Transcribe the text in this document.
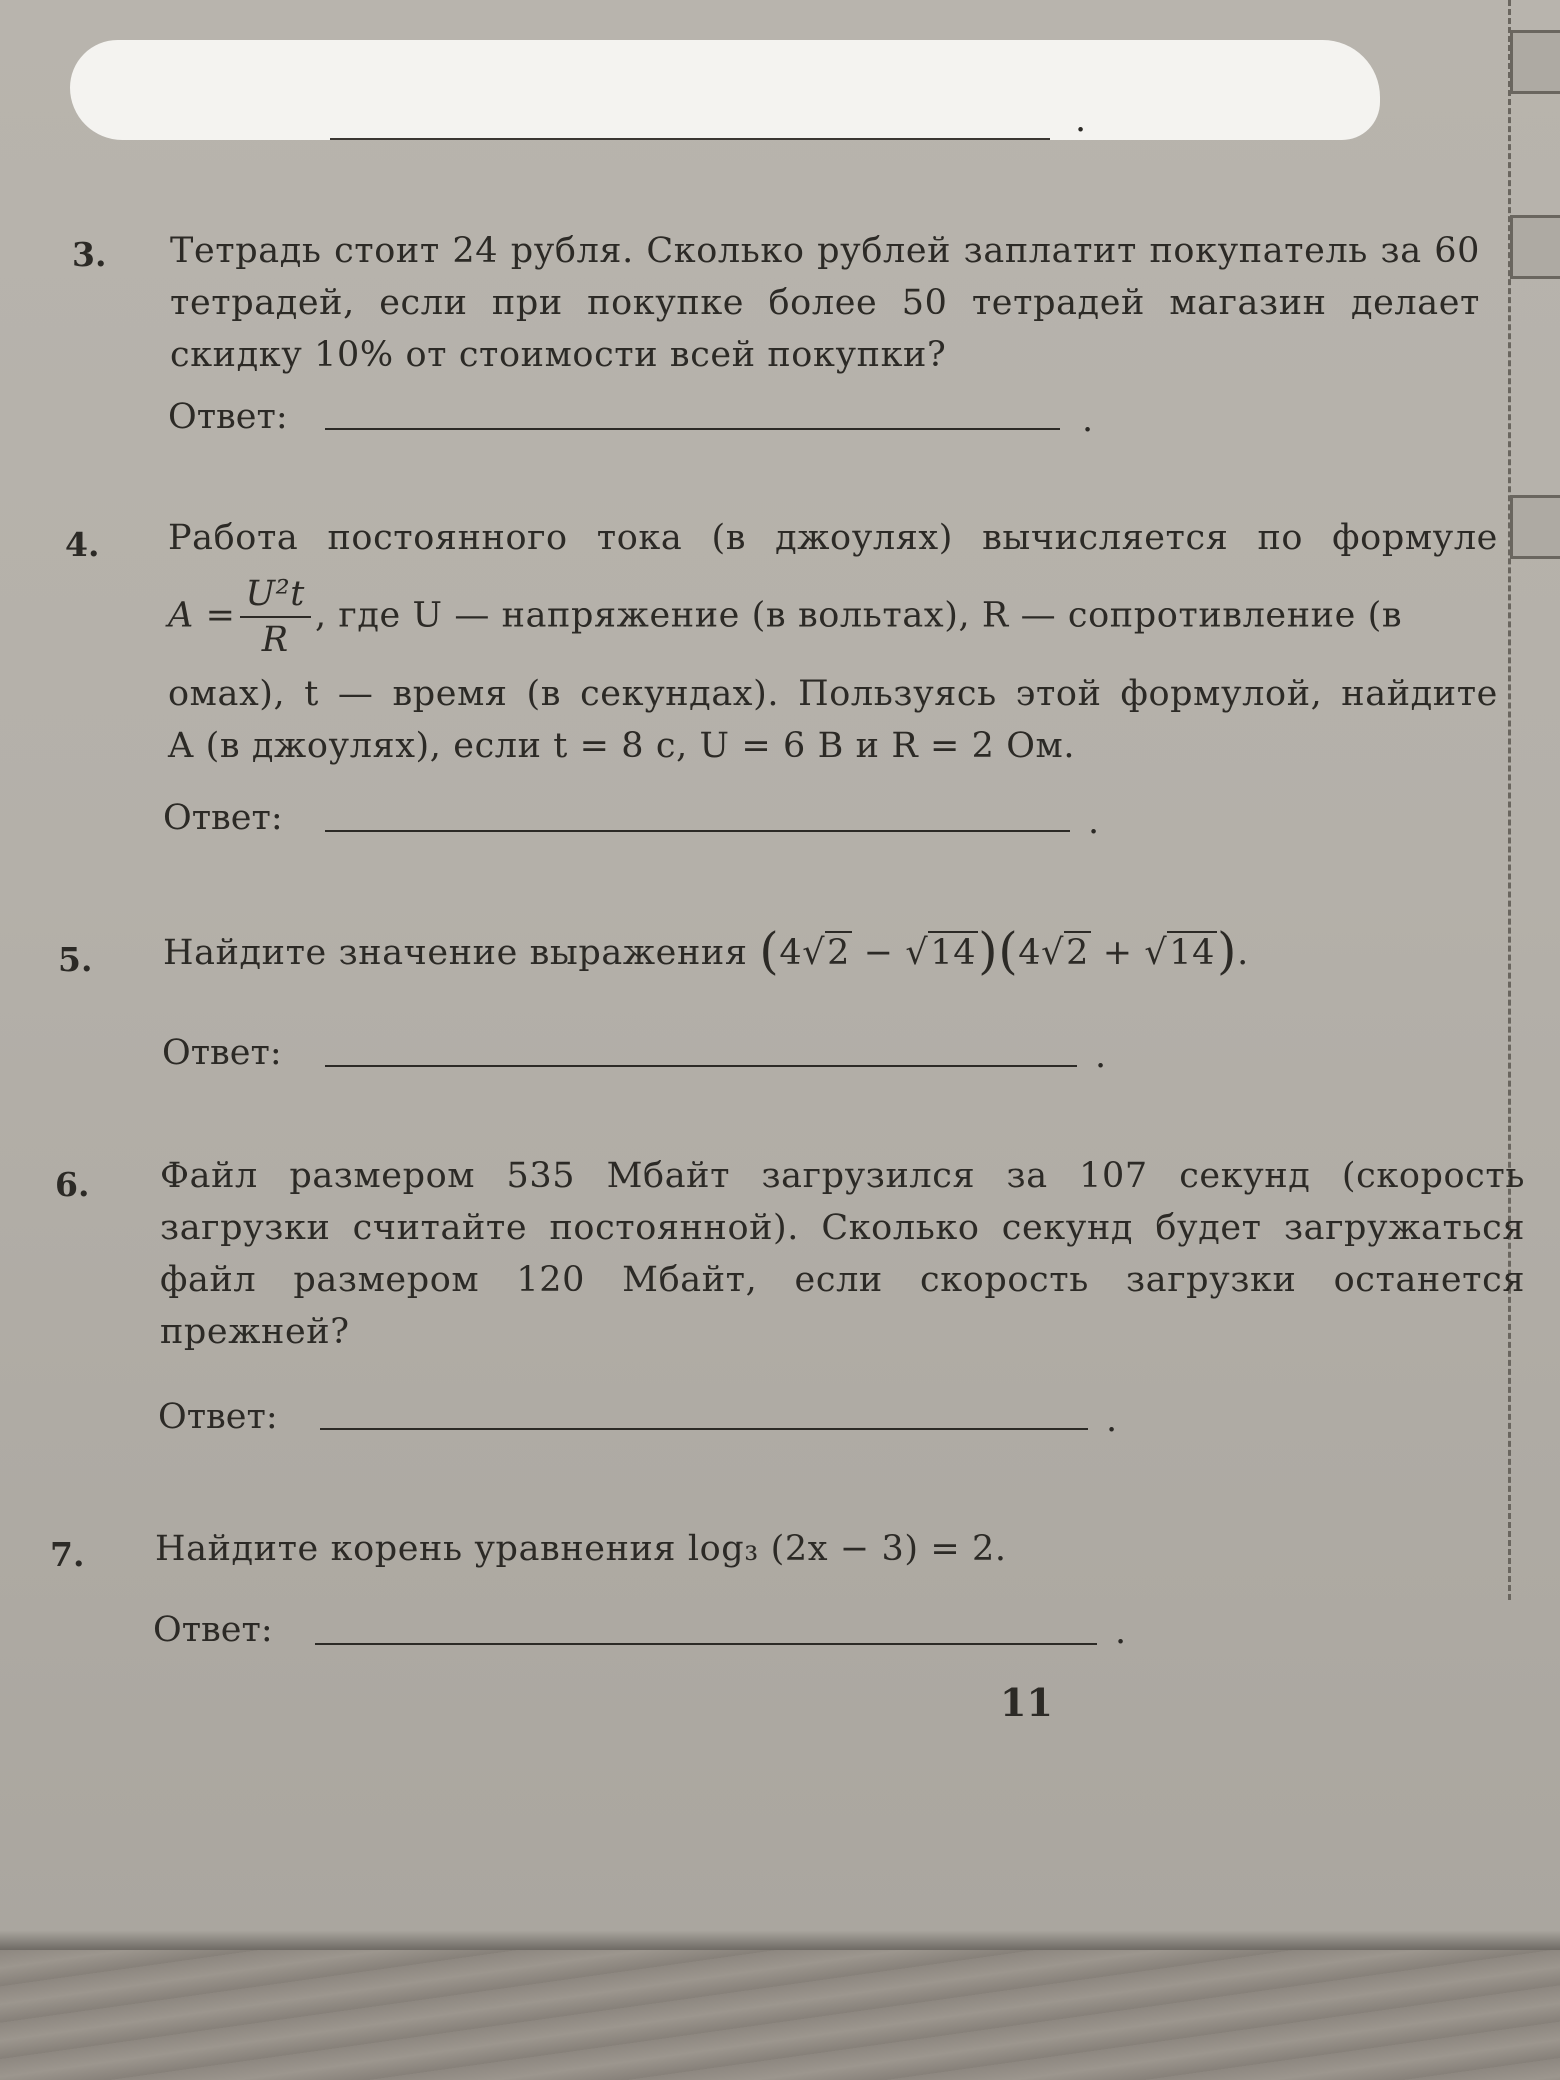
.
3. Тетрадь стоит 24 рубля. Сколько рублей заплатит покупатель за 60 тетрадей, если при покупке более 50 тетрадей магазин делает скидку 10% от стоимости всей покупки?
Ответ:	.
4. Работа постоянного тока (в джоулях) вычисляется по формуле
$A = \frac{\text{U²t}}{R}$ , где U — напряжение (в вольтах), R — сопротивление (в
омах), t — время (в секундах). Пользуясь этой формулой, найдите
A (в джоулях), если t = 8 с, U = 6 В и R = 2 Ом.
Ответ:	.
5. Найдите значение выражения (4√2 − √14)(4√2 + √14).
Ответ:	.
6. Файл размером 535 Мбайт загрузился за 107 секунд (скорость загрузки считайте постоянной). Сколько секунд будет загружаться файл размером 120 Мбайт, если скорость загрузки останется прежней?
Ответ:	.
7. Найдите корень уравнения log₃ (2x − 3) = 2.
Ответ:	.
11
